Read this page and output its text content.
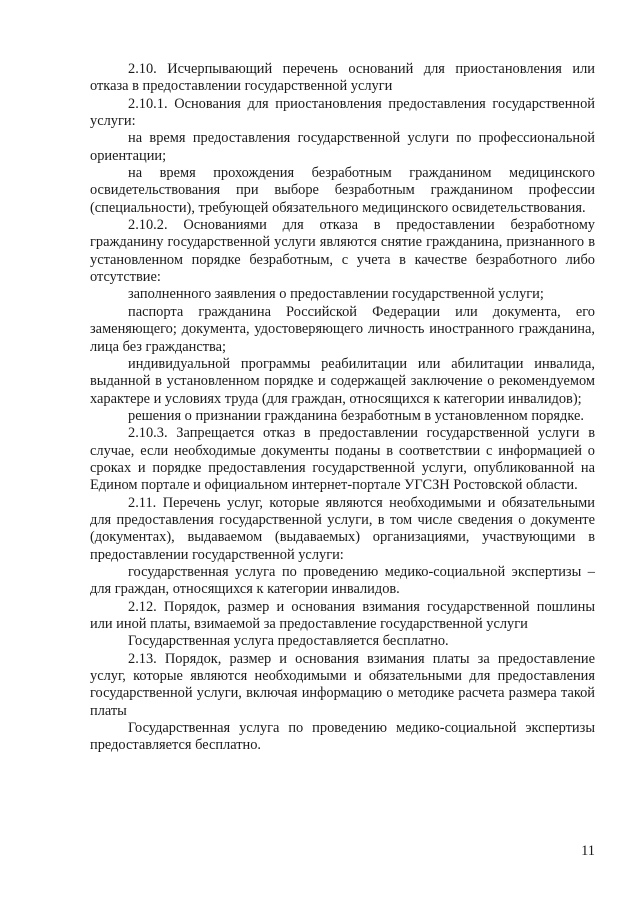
2.10. Исчерпывающий перечень оснований для приостановления или отказа в предоставлении государственной услуги

2.10.1. Основания для приостановления предоставления государственной услуги:

на время предоставления государственной услуги по профессиональной ориентации;

на время прохождения безработным гражданином медицинского освидетельствования при выборе безработным гражданином профессии (специальности), требующей обязательного медицинского освидетельствования.

2.10.2. Основаниями для отказа в предоставлении безработному гражданину государственной услуги являются снятие гражданина, признанного в установленном порядке безработным, с учета в качестве безработного либо отсутствие:

заполненного заявления о предоставлении государственной услуги;

паспорта гражданина Российской Федерации или документа, его заменяющего; документа, удостоверяющего личность иностранного гражданина, лица без гражданства;

индивидуальной программы реабилитации или абилитации инвалида, выданной в установленном порядке и содержащей заключение о рекомендуемом характере и условиях труда (для граждан, относящихся к категории инвалидов);

решения о признании гражданина безработным в установленном порядке.

2.10.3. Запрещается отказ в предоставлении государственной услуги в случае, если необходимые документы поданы в соответствии с информацией о сроках и порядке предоставления государственной услуги, опубликованной на Едином портале и официальном интернет-портале УГСЗН Ростовской области.

2.11. Перечень услуг, которые являются необходимыми и обязательными для предоставления государственной услуги, в том числе сведения о документе (документах), выдаваемом (выдаваемых) организациями, участвующими в предоставлении государственной услуги:

государственная услуга по проведению медико-социальной экспертизы – для граждан, относящихся к категории инвалидов.

2.12. Порядок, размер и основания взимания государственной пошлины или иной платы, взимаемой за предоставление государственной услуги

Государственная услуга предоставляется бесплатно.

2.13. Порядок, размер и основания взимания платы за предоставление услуг, которые являются необходимыми и обязательными для предоставления государственной услуги, включая информацию о методике расчета размера такой платы

Государственная услуга по проведению медико-социальной экспертизы предоставляется бесплатно.

11
